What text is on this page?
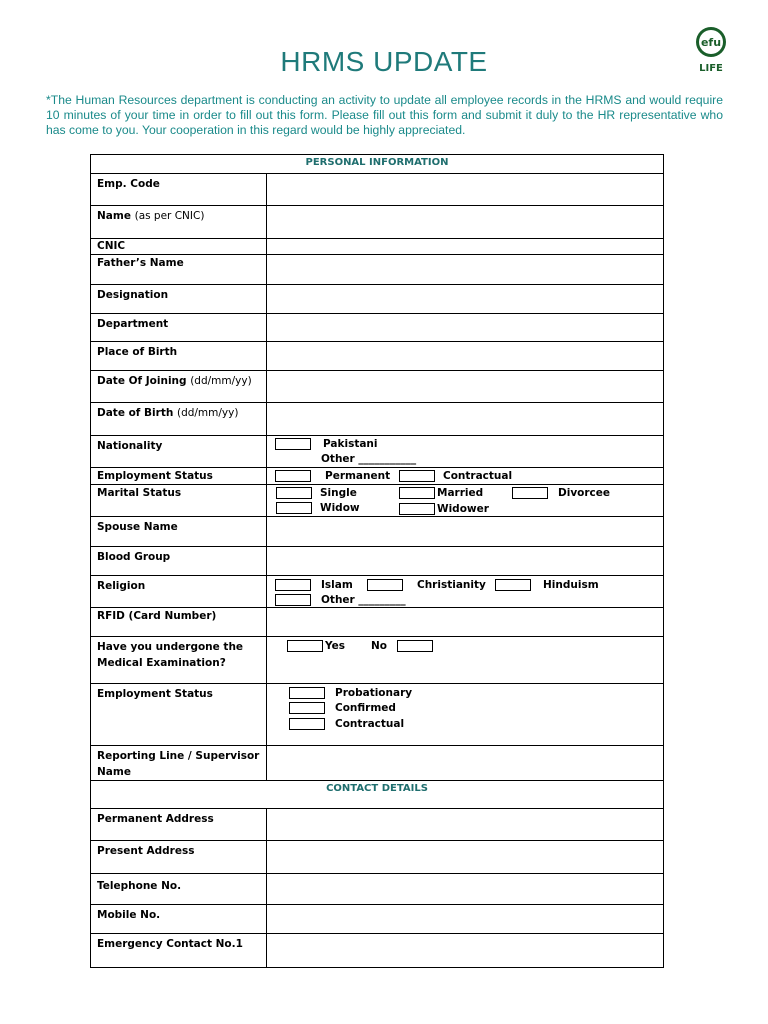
HRMS UPDATE
efu
LIFE
*The Human Resources department is conducting an activity to update all employee records in the HRMS and would require 10 minutes of your time in order to fill out this form. Please fill out this form and submit it duly to the HR representative who has come to you. Your cooperation in this regard would be highly appreciated.
PERSONAL INFORMATION
Emp. Code
Name (as per CNIC)
CNIC
Father’s Name
Designation
Department
Place of Birth
Date Of Joining (dd/mm/yy)
Date of Birth (dd/mm/yy)
Nationality	Pakistani
Other ___________
Employment Status	Permanent	Contractual
Marital Status	Single	Married	Divorcee
Widow	Widower
Spouse Name
Blood Group
Religion	Islam	Christianity	Hinduism
Other _________
RFID (Card Number)
Have you undergone the Medical Examination?
Yes No
Employment Status	Probationary
Confirmed
Contractual
Reporting Line / Supervisor Name
CONTACT DETAILS
Permanent Address
Present Address
Telephone No.
Mobile No.
Emergency Contact No.1
